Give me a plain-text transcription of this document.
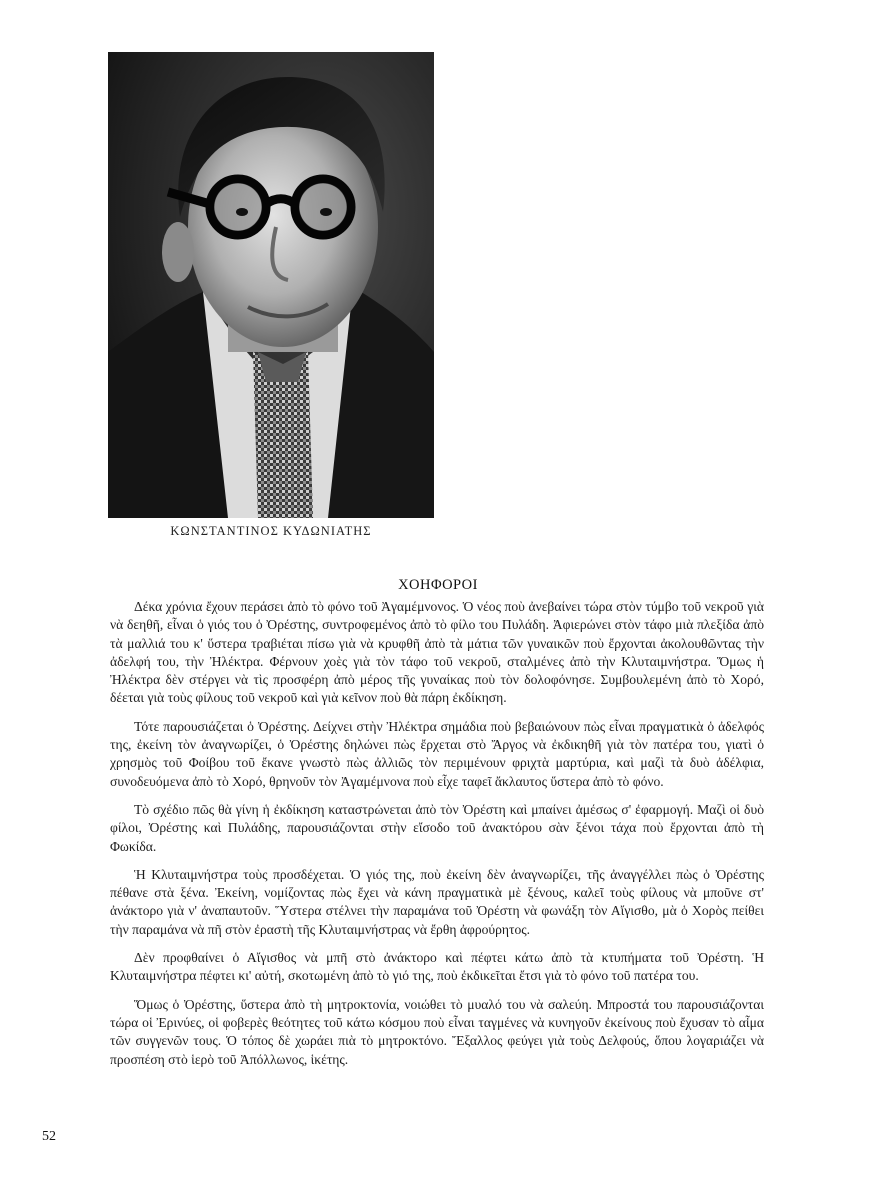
ΚΩΝΣΤΑΝΤΙΝΟΣ ΚΥΔΩΝΙΑΤΗΣ
ΧΟΗΦΟΡΟΙ

Δέκα χρόνια ἔχουν περάσει ἀπὸ τὸ φόνο τοῦ Ἀγαμέμνονος. Ὁ νέος ποὺ ἀνεβαίνει τώρα στὸν τύμβο τοῦ νεκροῦ γιὰ νὰ δεηθῆ, εἶναι ὁ γιός του ὁ Ὀρέστης, συντροφεμένος ἀπὸ τὸ φίλο του Πυλάδη. Ἀφιερώνει στὸν τάφο μιὰ πλεξίδα ἀπὸ τὰ μαλλιά του κ' ὕστερα τραβιέται πίσω γιὰ νὰ κρυφθῆ ἀπὸ τὰ μάτια τῶν γυναικῶν ποὺ ἔρχονται ἀκολουθῶντας τὴν ἀδελφή του, τὴν Ἠλέκτρα. Φέρνουν χοὲς γιὰ τὸν τάφο τοῦ νεκροῦ, σταλμένες ἀπὸ τὴν Κλυταιμνήστρα. Ὅμως ἡ Ἠλέκτρα δὲν στέργει νὰ τὶς προσφέρη ἀπὸ μέρος τῆς γυναίκας ποὺ τὸν δολοφόνησε. Συμβουλεμένη ἀπὸ τὸ Χορό, δέεται γιὰ τοὺς φίλους τοῦ νεκροῦ καὶ γιὰ κεῖνον ποὺ θὰ πάρη ἐκδίκηση.

Τότε παρουσιάζεται ὁ Ὀρέστης. Δείχνει στὴν Ἠλέκτρα σημάδια ποὺ βεβαιώνουν πὼς εἶναι πραγματικὰ ὁ ἀδελφός της, ἐκείνη τὸν ἀναγνωρίζει, ὁ Ὀρέστης δηλώνει πὼς ἔρχεται στὸ Ἄργος νὰ ἐκδικηθῆ γιὰ τὸν πατέρα του, γιατὶ ὁ χρησμὸς τοῦ Φοίβου τοῦ ἔκανε γνωστὸ πὼς ἀλλιῶς τὸν περιμένουν φριχτὰ μαρτύρια, καὶ μαζὶ τὰ δυὸ ἀδέλφια, συνοδευόμενα ἀπὸ τὸ Χορό, θρηνοῦν τὸν Ἀγαμέμνονα ποὺ εἶχε ταφεῖ ἄκλαυτος ὕστερα ἀπὸ τὸ φόνο.

Τὸ σχέδιο πῶς θὰ γίνη ἡ ἐκδίκηση καταστρώνεται ἀπὸ τὸν Ὀρέστη καὶ μπαίνει ἀμέσως σ' ἐφαρμογή. Μαζὶ οἱ δυὸ φίλοι, Ὀρέστης καὶ Πυλάδης, παρουσιάζονται στὴν εἴσοδο τοῦ ἀνακτόρου σὰν ξένοι τάχα ποὺ ἔρχονται ἀπὸ τὴ Φωκίδα.

Ἡ Κλυταιμνήστρα τοὺς προσδέχεται. Ὁ γιός της, ποὺ ἐκείνη δὲν ἀναγνωρίζει, τῆς ἀναγγέλλει πὼς ὁ Ὀρέστης πέθανε στὰ ξένα. Ἐκείνη, νομίζοντας πὼς ἔχει νὰ κάνη πραγματικὰ μὲ ξένους, καλεῖ τοὺς φίλους νὰ μποῦνε στ' ἀνάκτορο γιὰ ν' ἀναπαυτοῦν. Ὕστερα στέλνει τὴν παραμάνα τοῦ Ὀρέστη νὰ φωνάξη τὸν Αἴγισθο, μὰ ὁ Χορὸς πείθει τὴν παραμάνα νὰ πῆ στὸν ἐραστὴ τῆς Κλυταιμνήστρας νὰ ἔρθη ἀφρούρητος.

Δὲν προφθαίνει ὁ Αἴγισθος νὰ μπῆ στὸ ἀνάκτορο καὶ πέφτει κάτω ἀπὸ τὰ κτυπήματα τοῦ Ὀρέστη. Ἡ Κλυταιμνήστρα πέφτει κι' αὐτή, σκοτωμένη ἀπὸ τὸ γιό της, ποὺ ἐκδικεῖται ἔτσι γιὰ τὸ φόνο τοῦ πατέρα του.

Ὅμως ὁ Ὀρέστης, ὕστερα ἀπὸ τὴ μητροκτονία, νοιώθει τὸ μυαλό του νὰ σαλεύη. Μπροστά του παρουσιάζονται τώρα οἱ Ἐρινύες, οἱ φοβερὲς θεότητες τοῦ κάτω κόσμου ποὺ εἶναι ταγμένες νὰ κυνηγοῦν ἐκείνους ποὺ ἔχυσαν τὸ αἷμα τῶν συγγενῶν τους. Ὁ τόπος δὲ χωράει πιὰ τὸ μητροκτόνο. Ἔξαλλος φεύγει γιὰ τοὺς Δελφούς, ὅπου λογαριάζει νὰ προσπέση στὸ ἱερὸ τοῦ Ἀπόλλωνος, ἱκέτης.

52
